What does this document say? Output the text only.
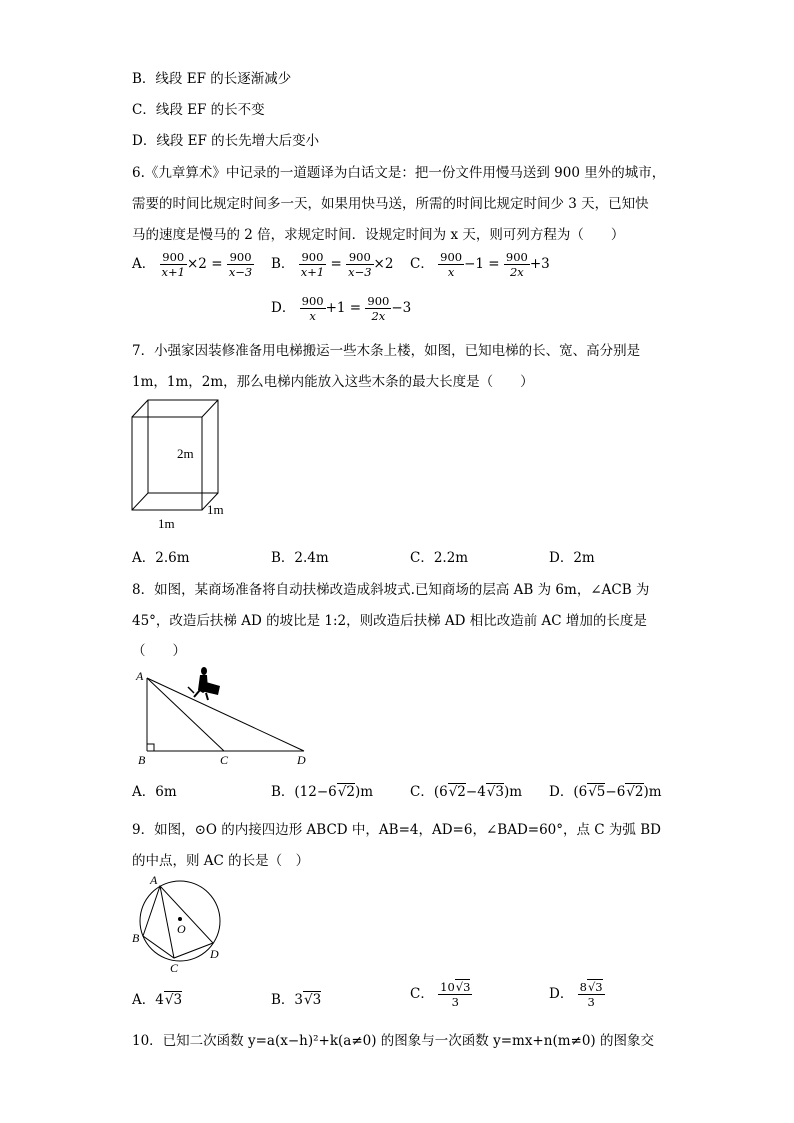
B．线段 EF 的长逐渐减少
C．线段 EF 的长不变
D．线段 EF 的长先增大后变小
6.《九章算术》中记录的一道题译为白话文是：把一份文件用慢马送到 900 里外的城市，
需要的时间比规定时间多一天，如果用快马送，所需的时间比规定时间少 3 天，已知快
马的速度是慢马的 2 倍，求规定时间．设规定时间为 x 天，则可列方程为（　　）
A． $\frac{900}{x+1} \times 2 = \frac{900}{x-3}$ B． $\frac{900}{x+1} = \frac{900}{x-3} \times 2$ C． $\frac{900}{x} -1 = \frac{900}{2x} +3$
D． $\frac{900}{x} +1 = \frac{900}{2x} -3$
7．小强家因装修准备用电梯搬运一些木条上楼，如图，已知电梯的长、宽、高分别是
1m，1m，2m，那么电梯内能放入这些木条的最大长度是（　　）
2m
1m
1m
A．2.6m	B．2.4m	C．2.2m	D．2m
8．如图，某商场准备将自动扶梯改造成斜坡式.已知商场的层高 AB 为 6m，∠ACB 为
45°，改造后扶梯 AD 的坡比是 1:2，则改造后扶梯 AD 相比改造前 AC 增加的长度是
（　　）
A
B	C	D
A．6m	B．(12−6√2)m	C．(6√2−4√3)m D．(6√5−6√2)m
9．如图，⊙O 的内接四边形 ABCD 中，AB=4，AD=6，∠BAD=60°，点 C 为弧 BD
的中点，则 AC 的长是（　）
A
B
C
D
O
A．4√3	B．3√3	C． $\frac{10√3}{3}$	D． $\frac{8√3}{3}$
10．已知二次函数 y=a(x−h)²+k(a≠0) 的图象与一次函数 y=mx+n(m≠0) 的图象交
